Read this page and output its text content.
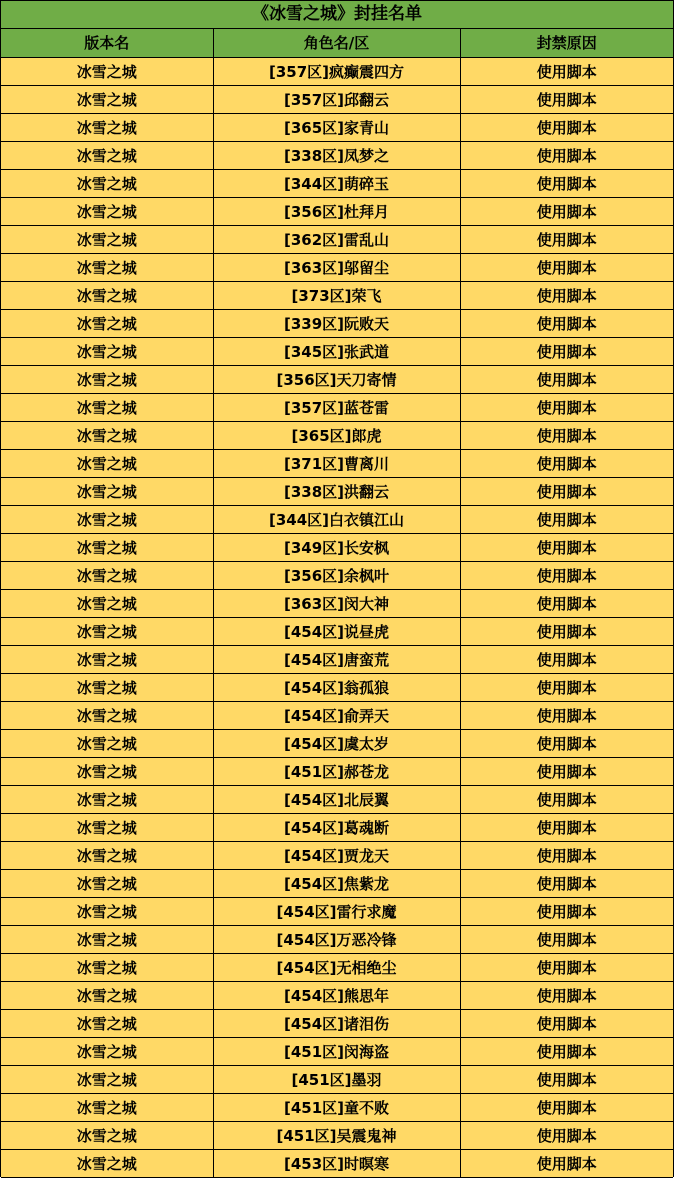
《冰雪之城》封挂名单
版本名	角色名/区	封禁原因
冰雪之城	[357区]疯癫震四方	使用脚本
冰雪之城	[357区]邱翻云	使用脚本
冰雪之城	[365区]家青山	使用脚本
冰雪之城	[338区]凤梦之	使用脚本
冰雪之城	[344区]萌碎玉	使用脚本
冰雪之城	[356区]杜拜月	使用脚本
冰雪之城	[362区]雷乱山	使用脚本
冰雪之城	[363区]邬留尘	使用脚本
冰雪之城	[373区]荣飞	使用脚本
冰雪之城	[339区]阮败天	使用脚本
冰雪之城	[345区]张武道	使用脚本
冰雪之城	[356区]天刀寄情	使用脚本
冰雪之城	[357区]蓝苍雷	使用脚本
冰雪之城	[365区]郎虎	使用脚本
冰雪之城	[371区]曹离川	使用脚本
冰雪之城	[338区]洪翻云	使用脚本
冰雪之城	[344区]白衣镇江山	使用脚本
冰雪之城	[349区]长安枫	使用脚本
冰雪之城	[356区]余枫叶	使用脚本
冰雪之城	[363区]闵大神	使用脚本
冰雪之城	[454区]说昼虎	使用脚本
冰雪之城	[454区]唐蛮荒	使用脚本
冰雪之城	[454区]翁孤狼	使用脚本
冰雪之城	[454区]俞弄天	使用脚本
冰雪之城	[454区]虞太岁	使用脚本
冰雪之城	[451区]郝苍龙	使用脚本
冰雪之城	[454区]北辰翼	使用脚本
冰雪之城	[454区]葛魂断	使用脚本
冰雪之城	[454区]贾龙天	使用脚本
冰雪之城	[454区]焦紫龙	使用脚本
冰雪之城	[454区]雷行求魔	使用脚本
冰雪之城	[454区]万恶冷锋	使用脚本
冰雪之城	[454区]无相绝尘	使用脚本
冰雪之城	[454区]熊思年	使用脚本
冰雪之城	[454区]诸泪伤	使用脚本
冰雪之城	[451区]闵海盗	使用脚本
冰雪之城	[451区]墨羽	使用脚本
冰雪之城	[451区]童不败	使用脚本
冰雪之城	[451区]吴震鬼神	使用脚本
冰雪之城	[453区]时暝寒	使用脚本
